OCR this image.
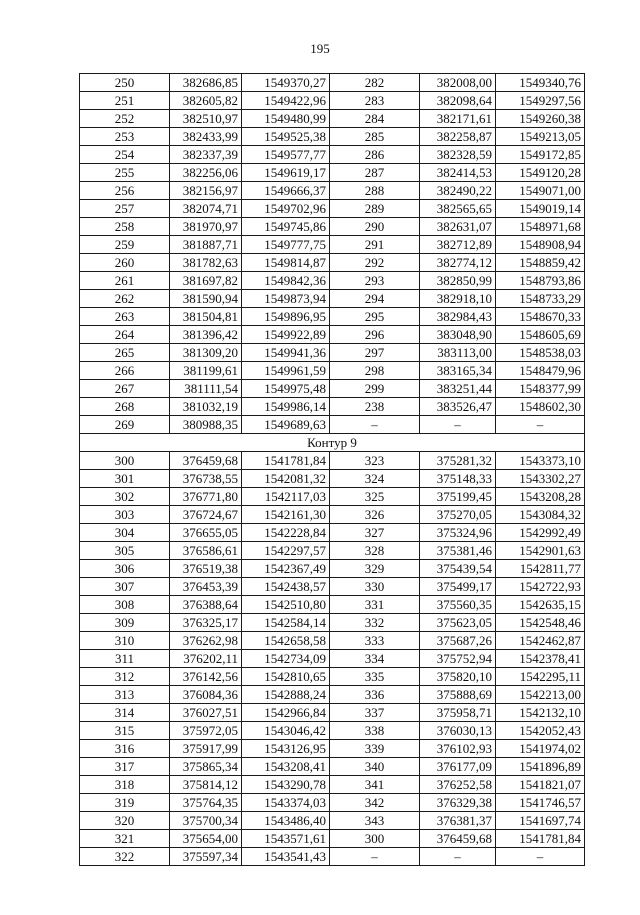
195
250	382686,85	1549370,27	282	382008,00	1549340,76
251	382605,82	1549422,96	283	382098,64	1549297,56
252	382510,97	1549480,99	284	382171,61	1549260,38
253	382433,99	1549525,38	285	382258,87	1549213,05
254	382337,39	1549577,77	286	382328,59	1549172,85
255	382256,06	1549619,17	287	382414,53	1549120,28
256	382156,97	1549666,37	288	382490,22	1549071,00
257	382074,71	1549702,96	289	382565,65	1549019,14
258	381970,97	1549745,86	290	382631,07	1548971,68
259	381887,71	1549777,75	291	382712,89	1548908,94
260	381782,63	1549814,87	292	382774,12	1548859,42
261	381697,82	1549842,36	293	382850,99	1548793,86
262	381590,94	1549873,94	294	382918,10	1548733,29
263	381504,81	1549896,95	295	382984,43	1548670,33
264	381396,42	1549922,89	296	383048,90	1548605,69
265	381309,20	1549941,36	297	383113,00	1548538,03
266	381199,61	1549961,59	298	383165,34	1548479,96
267	381111,54	1549975,48	299	383251,44	1548377,99
268	381032,19	1549986,14	238	383526,47	1548602,30
269	380988,35	1549689,63	–	–	–
Контур 9					
300	376459,68	1541781,84	323	375281,32	1543373,10
301	376738,55	1542081,32	324	375148,33	1543302,27
302	376771,80	1542117,03	325	375199,45	1543208,28
303	376724,67	1542161,30	326	375270,05	1543084,32
304	376655,05	1542228,84	327	375324,96	1542992,49
305	376586,61	1542297,57	328	375381,46	1542901,63
306	376519,38	1542367,49	329	375439,54	1542811,77
307	376453,39	1542438,57	330	375499,17	1542722,93
308	376388,64	1542510,80	331	375560,35	1542635,15
309	376325,17	1542584,14	332	375623,05	1542548,46
310	376262,98	1542658,58	333	375687,26	1542462,87
311	376202,11	1542734,09	334	375752,94	1542378,41
312	376142,56	1542810,65	335	375820,10	1542295,11
313	376084,36	1542888,24	336	375888,69	1542213,00
314	376027,51	1542966,84	337	375958,71	1542132,10
315	375972,05	1543046,42	338	376030,13	1542052,43
316	375917,99	1543126,95	339	376102,93	1541974,02
317	375865,34	1543208,41	340	376177,09	1541896,89
318	375814,12	1543290,78	341	376252,58	1541821,07
319	375764,35	1543374,03	342	376329,38	1541746,57
320	375700,34	1543486,40	343	376381,37	1541697,74
321	375654,00	1543571,61	300	376459,68	1541781,84
322	375597,34	1543541,43	–	–	–
